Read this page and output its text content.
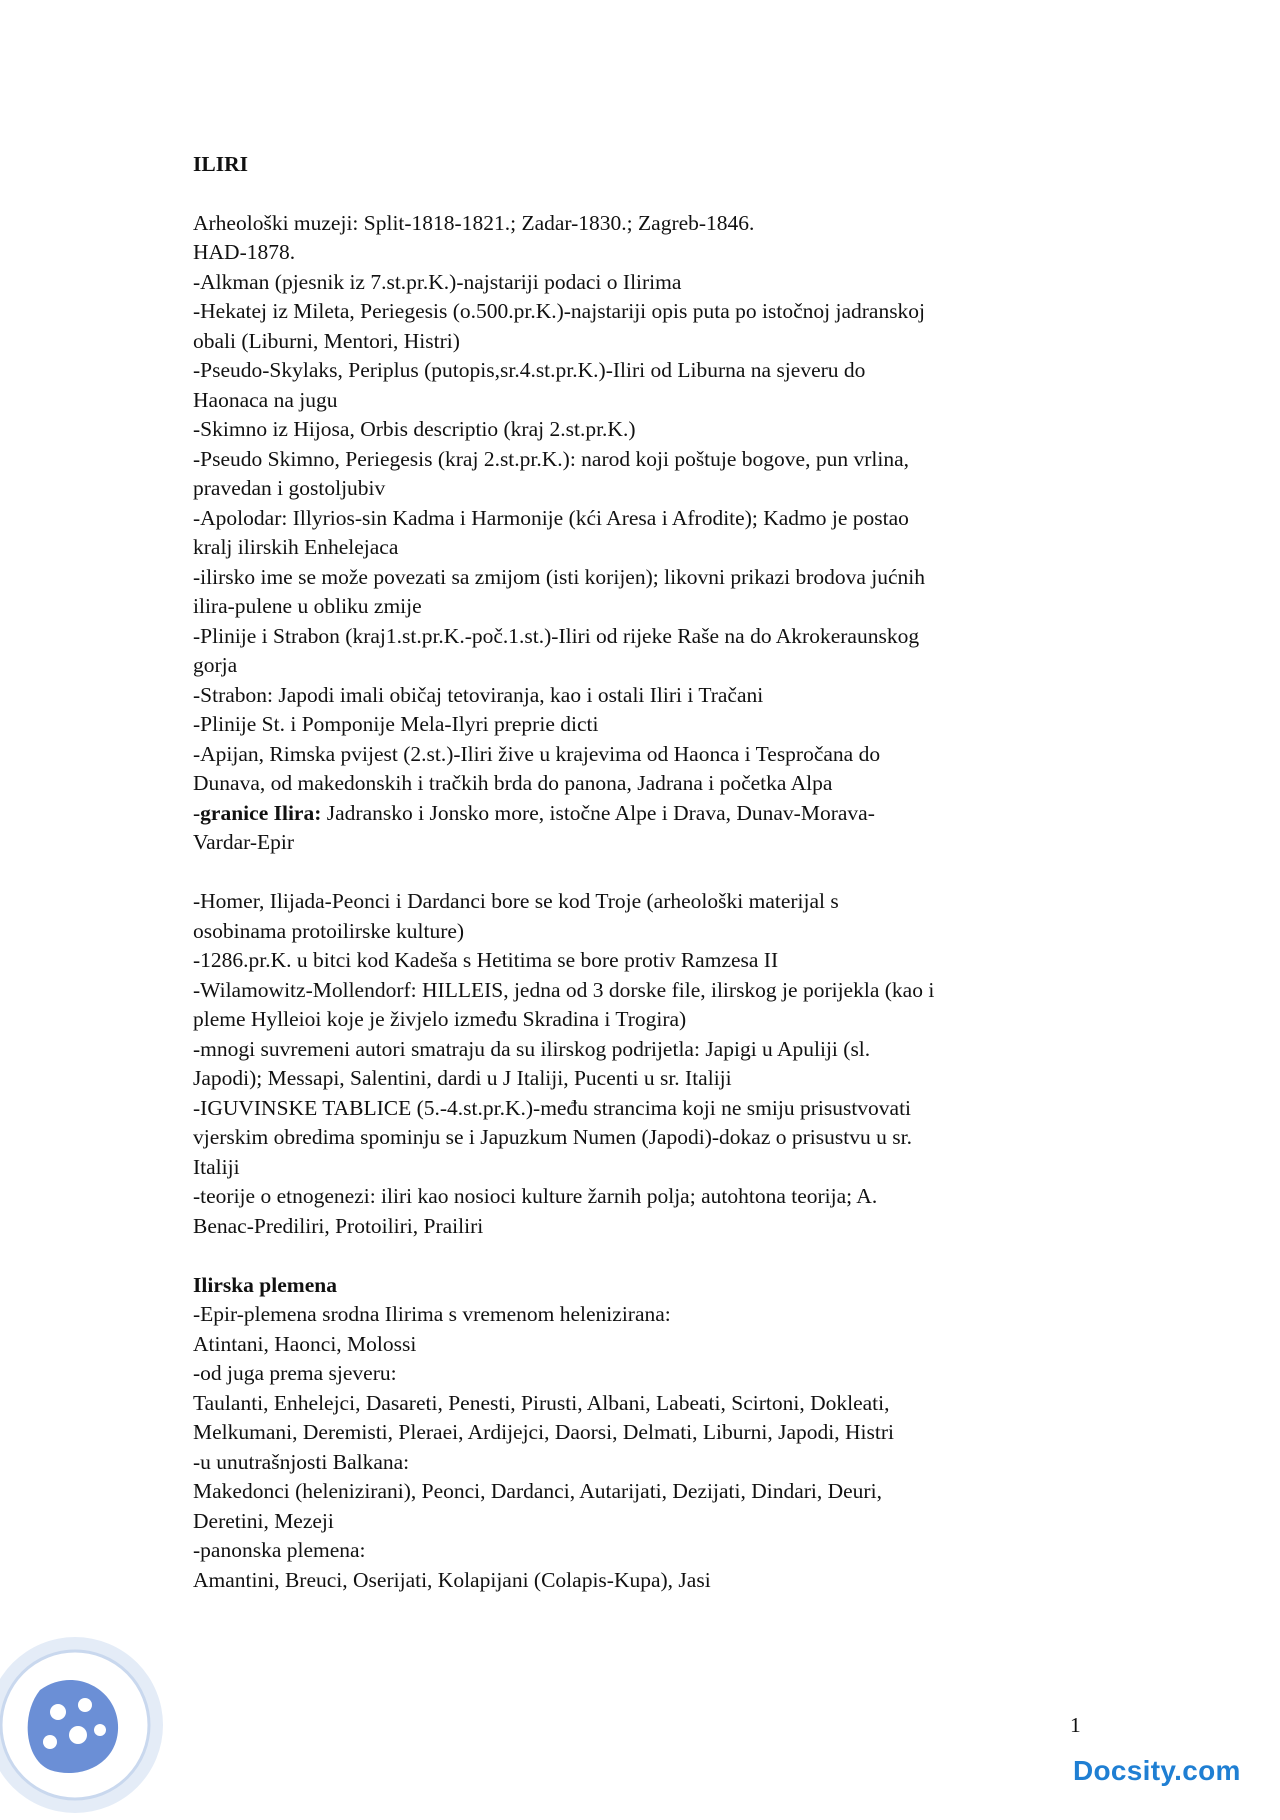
ILIRI
Arheološki muzeji: Split-1818-1821.; Zadar-1830.; Zagreb-1846.
HAD-1878.
-Alkman (pjesnik iz 7.st.pr.K.)-najstariji podaci o Ilirima
-Hekatej iz Mileta, Periegesis (o.500.pr.K.)-najstariji opis puta po istočnoj jadranskoj
obali (Liburni, Mentori, Histri)
-Pseudo-Skylaks, Periplus (putopis,sr.4.st.pr.K.)-Iliri od Liburna na sjeveru do
Haonaca na jugu
-Skimno iz Hijosa, Orbis descriptio (kraj 2.st.pr.K.)
-Pseudo Skimno, Periegesis (kraj 2.st.pr.K.): narod koji poštuje bogove, pun vrlina,
pravedan i gostoljubiv
-Apolodar: Illyrios-sin Kadma i Harmonije (kći Aresa i Afrodite); Kadmo je postao
kralj ilirskih Enhelejaca
-ilirsko ime se može povezati sa zmijom (isti korijen); likovni prikazi brodova jućnih
ilira-pulene u obliku zmije
-Plinije i Strabon (kraj1.st.pr.K.-poč.1.st.)-Iliri od rijeke Raše na do Akrokeraunskog
gorja
-Strabon: Japodi imali običaj tetoviranja, kao i ostali Iliri i Tračani
-Plinije St. i Pomponije Mela-Ilyri preprie dicti
-Apijan, Rimska pvijest (2.st.)-Iliri žive u krajevima od Haonca i Tespročana do
Dunava, od makedonskih i tračkih brda do panona, Jadrana i početka Alpa
-granice Ilira: Jadransko i Jonsko more, istočne Alpe i Drava, Dunav-Morava-
Vardar-Epir
-Homer, Ilijada-Peonci i Dardanci bore se kod Troje (arheološki materijal s
osobinama protoilirske kulture)
-1286.pr.K. u bitci kod Kadeša s Hetitima se bore protiv Ramzesa II
-Wilamowitz-Mollendorf: HILLEIS, jedna od 3 dorske file, ilirskog je porijekla (kao i
pleme Hylleioi koje je živjelo između Skradina i Trogira)
-mnogi suvremeni autori smatraju da su ilirskog podrijetla: Japigi u Apuliji (sl.
Japodi); Messapi, Salentini, dardi u J Italiji, Pucenti u sr. Italiji
-IGUVINSKE TABLICE (5.-4.st.pr.K.)-među strancima koji ne smiju prisustvovati
vjerskim obredima spominju se i Japuzkum Numen (Japodi)-dokaz o prisustvu u sr.
Italiji
-teorije o etnogenezi: iliri kao nosioci kulture žarnih polja; autohtona teorija; A.
Benac-Prediliri, Protoiliri, Prailiri
Ilirska plemena
-Epir-plemena srodna Ilirima s vremenom helenizirana:
Atintani, Haonci, Molossi
-od juga prema sjeveru:
Taulanti, Enhelejci, Dasareti, Penesti, Pirusti, Albani, Labeati, Scirtoni, Dokleati,
Melkumani, Deremisti, Pleraei, Ardijejci, Daorsi, Delmati, Liburni, Japodi, Histri
-u unutrašnjosti Balkana:
Makedonci (helenizirani), Peonci, Dardanci, Autarijati, Dezijati, Dindari, Deuri,
Deretini, Mezeji
-panonska plemena:
Amantini, Breuci, Oserijati, Kolapijani (Colapis-Kupa), Jasi
1
Docsity.com
